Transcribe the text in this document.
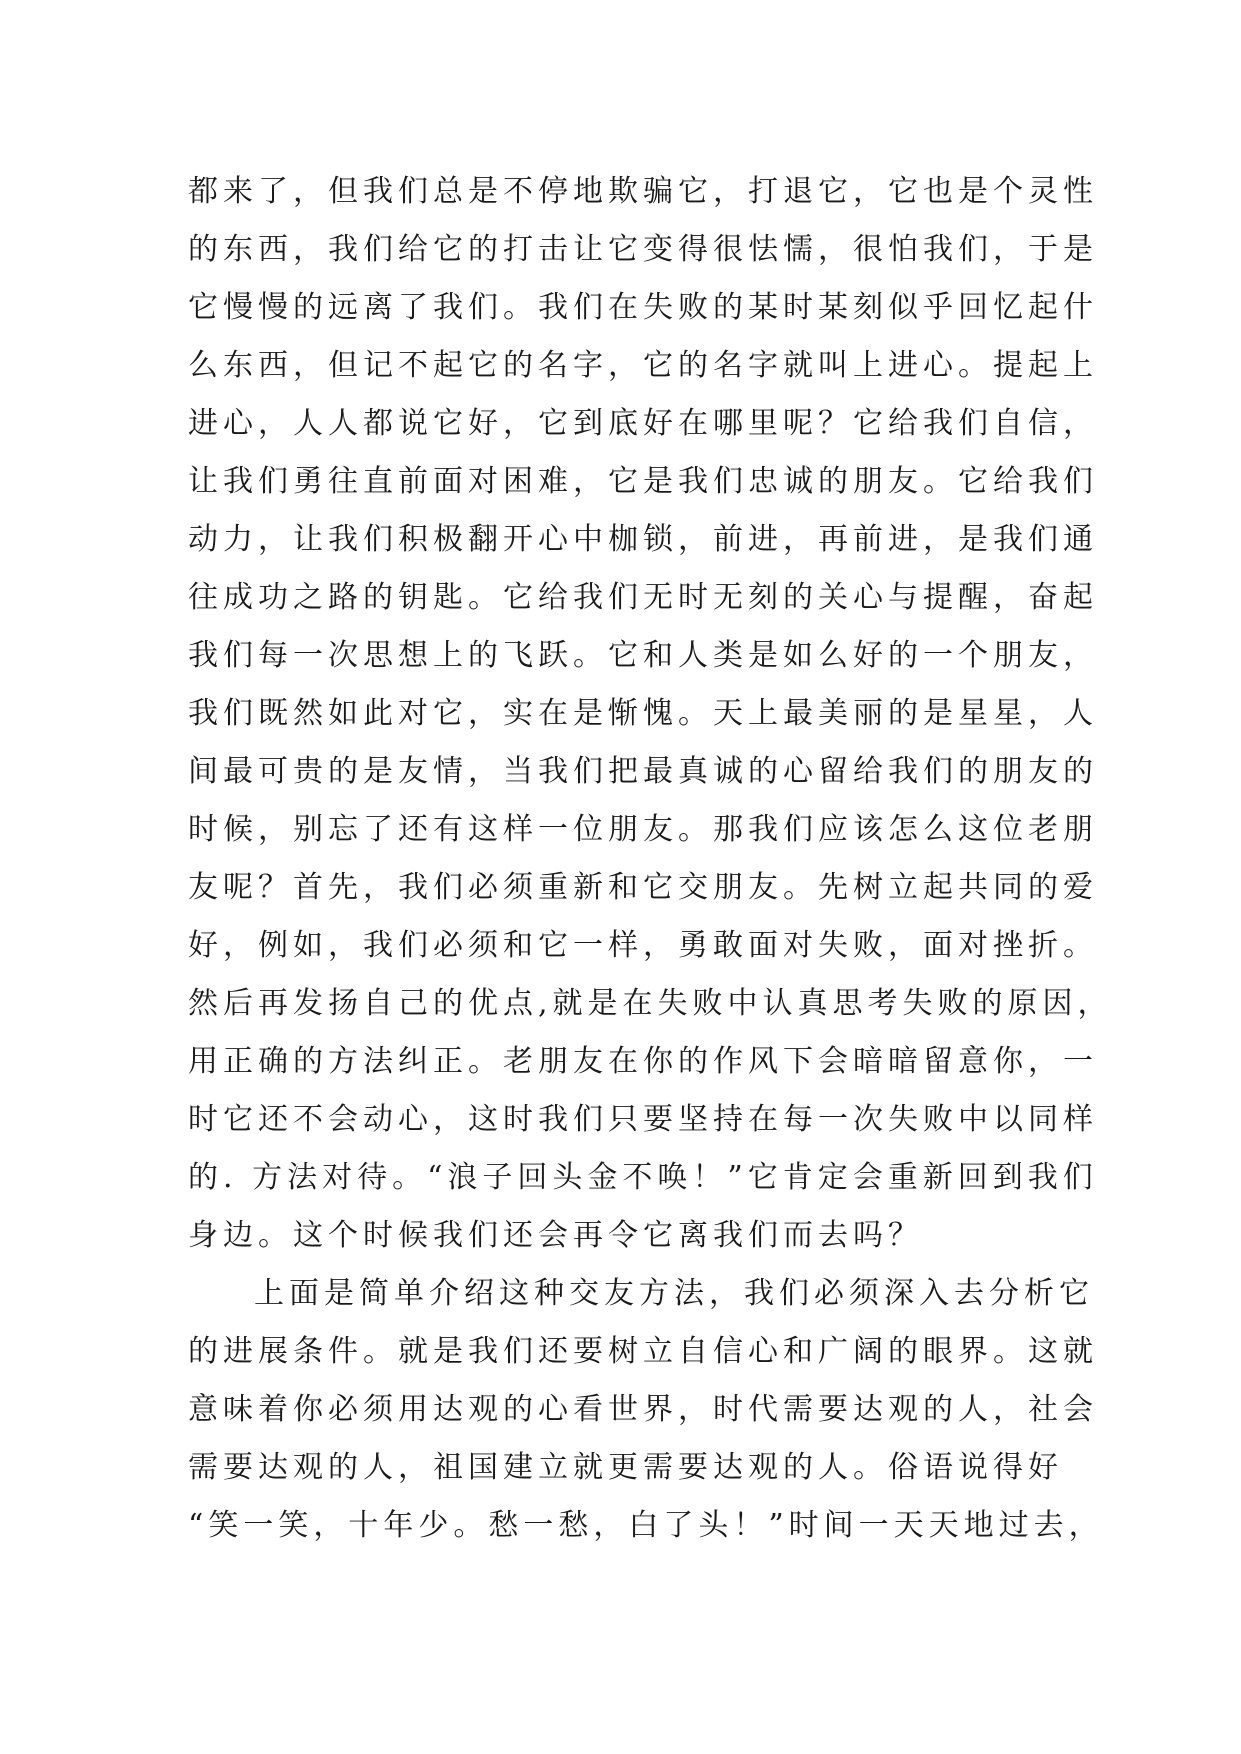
都来了，但我们总是不停地欺骗它，打退它，它也是个灵性
的东西，我们给它的打击让它变得很怯懦，很怕我们，于是
它慢慢的远离了我们。我们在失败的某时某刻似乎回忆起什
么东西，但记不起它的名字，它的名字就叫上进心。提起上
进心，人人都说它好，它到底好在哪里呢？它给我们自信，
让我们勇往直前面对困难，它是我们忠诚的朋友。它给我们
动力，让我们积极翻开心中枷锁，前进，再前进，是我们通
往成功之路的钥匙。它给我们无时无刻的关心与提醒，奋起
我们每一次思想上的飞跃。它和人类是如么好的一个朋友，
我们既然如此对它，实在是惭愧。天上最美丽的是星星，人
间最可贵的是友情，当我们把最真诚的心留给我们的朋友的
时候，别忘了还有这样一位朋友。那我们应该怎么这位老朋
友呢？首先，我们必须重新和它交朋友。先树立起共同的爱
好，例如，我们必须和它一样，勇敢面对失败，面对挫折。
然后再发扬自己的优点,就是在失败中认真思考失败的原因，
用正确的方法纠正。老朋友在你的作风下会暗暗留意你，一
时它还不会动心，这时我们只要坚持在每一次失败中以同样
的. 方法对待。“浪子回头金不唤！”它肯定会重新回到我们
身边。这个时候我们还会再令它离我们而去吗？
上面是简单介绍这种交友方法，我们必须深入去分析它
的进展条件。就是我们还要树立自信心和广阔的眼界。这就
意味着你必须用达观的心看世界，时代需要达观的人，社会
需要达观的人，祖国建立就更需要达观的人。俗语说得好
“笑一笑，十年少。愁一愁，白了头！”时间一天天地过去，
